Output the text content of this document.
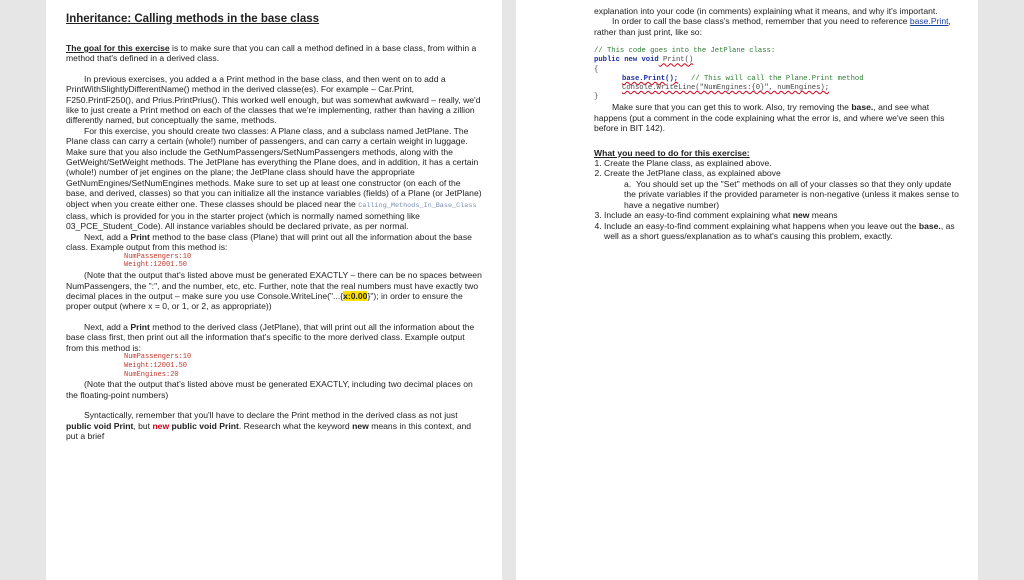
Inheritance: Calling methods in the base class

The goal for this exercise is to make sure that you can call a method defined in a base class, from within a method that's defined in a derived class.

In previous exercises, you added a a Print method in the base class, and then went on to add a PrintWithSlightlyDifferentName() method in the derived classe(es). For example – Car.Print, F250.PrintF250(), and Prius.PrintPrius(). This worked well enough, but was somewhat awkward – really, we'd like to just create a Print method on each of the classes that we're implementing, rather than having a zillion differently named, but conceptually the same, methods.

For this exercise, you should create two classes: A Plane class, and a subclass named JetPlane. The Plane class can carry a certain (whole!) number of passengers, and can carry a certain weight in luggage. Make sure that you also include the GetNumPassengers/SetNumPassengers methods, along with the GetWeight/SetWeight methods. The JetPlane has everything the Plane does, and in addition, it has a certain (whole!) number of jet engines on the plane; the JetPlane class should have the appropriate GetNumEngines/SetNumEngines methods. Make sure to set up at least one constructor (on each of the base, and derived, classes) so that you can initialize all the instance variables (fields) of a Plane (or JetPlane) object when you create either one. These classes should be placed near the Calling_Methods_In_Base_Class class, which is provided for you in the starter project (which is normally named something like 03_PCE_Student_Code). All instance variables should be declared private, as per normal.

Next, add a Print method to the base class (Plane) that will print out all the information about the base class. Example output from this method is:

NumPassengers:10
Weight:12001.50

(Note that the output that's listed above must be generated EXACTLY – there can be no spaces between NumPassengers, the ":", and the number, etc, etc. Further, note that the real numbers must have exactly two decimal places in the output – make sure you use Console.WriteLine("...{x:0.00}"); in order to ensure the proper output (where x = 0, or 1, or 2, as appropriate))

Next, add a Print method to the derived class (JetPlane), that will print out all the information about the base class first, then print out all the information that's specific to the more derived class. Example output from this method is:

NumPassengers:10
Weight:12001.50
NumEngines:20

(Note that the output that's listed above must be generated EXACTLY, including two decimal places on the floating-point numbers)

Syntactically, remember that you'll have to declare the Print method in the derived class as not just public void Print, but new public void Print. Research what the keyword new means in this context, and put a brief

explanation into your code (in comments) explaining what it means, and why it's important.

In order to call the base class's method, remember that you need to reference base.Print, rather than just print, like so:

// This code goes into the JetPlane class:
public new void Print()
{
base.Print(); // This will call the Plane.Print method
Console.WriteLine("NumEngines:{0}", numEngines);
}

Make sure that you can get this to work. Also, try removing the base., and see what happens (put a comment in the code explaining what the error is, and where we've seen this before in BIT 142).

What you need to do for this exercise:

1. Create the Plane class, as explained above.
2. Create the JetPlane class, as explained above

a.  You should set up the "Set" methods on all of your classes so that they only update the private variables if the provided parameter is non-negative (unless it makes sense to have a negative number)

3. Include an easy-to-find comment explaining what new means
4. Include an easy-to-find comment explaining what happens when you leave out the base., as well as a short guess/explanation as to what's causing this problem, exactly.
